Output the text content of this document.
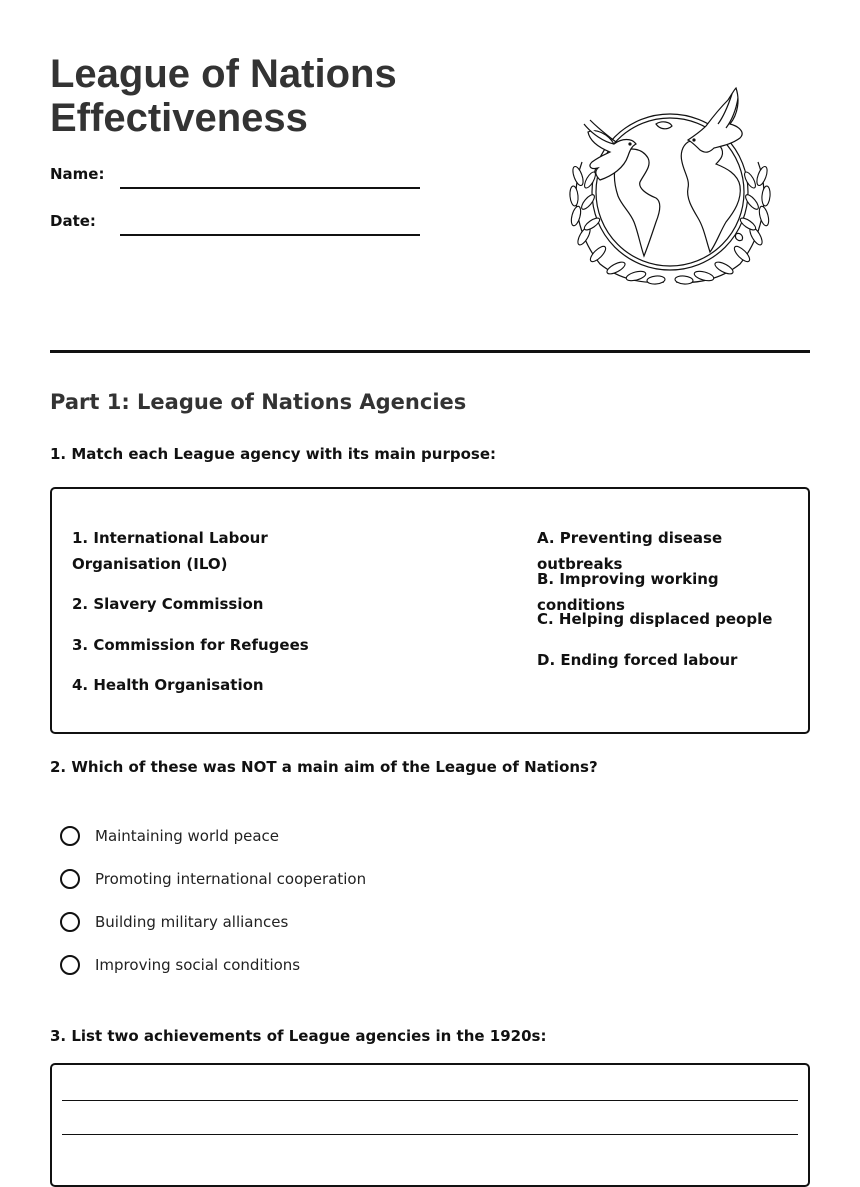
League of Nations
Effectiveness
Name:
Date:
Part 1: League of Nations Agencies

1. Match each League agency with its main purpose:

1. International Labour
Organisation (ILO)
2. Slavery Commission
3. Commission for Refugees
4. Health Organisation
A. Preventing disease outbreaks
B. Improving working conditions
C. Helping displaced people
D. Ending forced labour

2. Which of these was NOT a main aim of the League of Nations?

Maintaining world peace
Promoting international cooperation
Building military alliances
Improving social conditions

3. List two achievements of League agencies in the 1920s:
